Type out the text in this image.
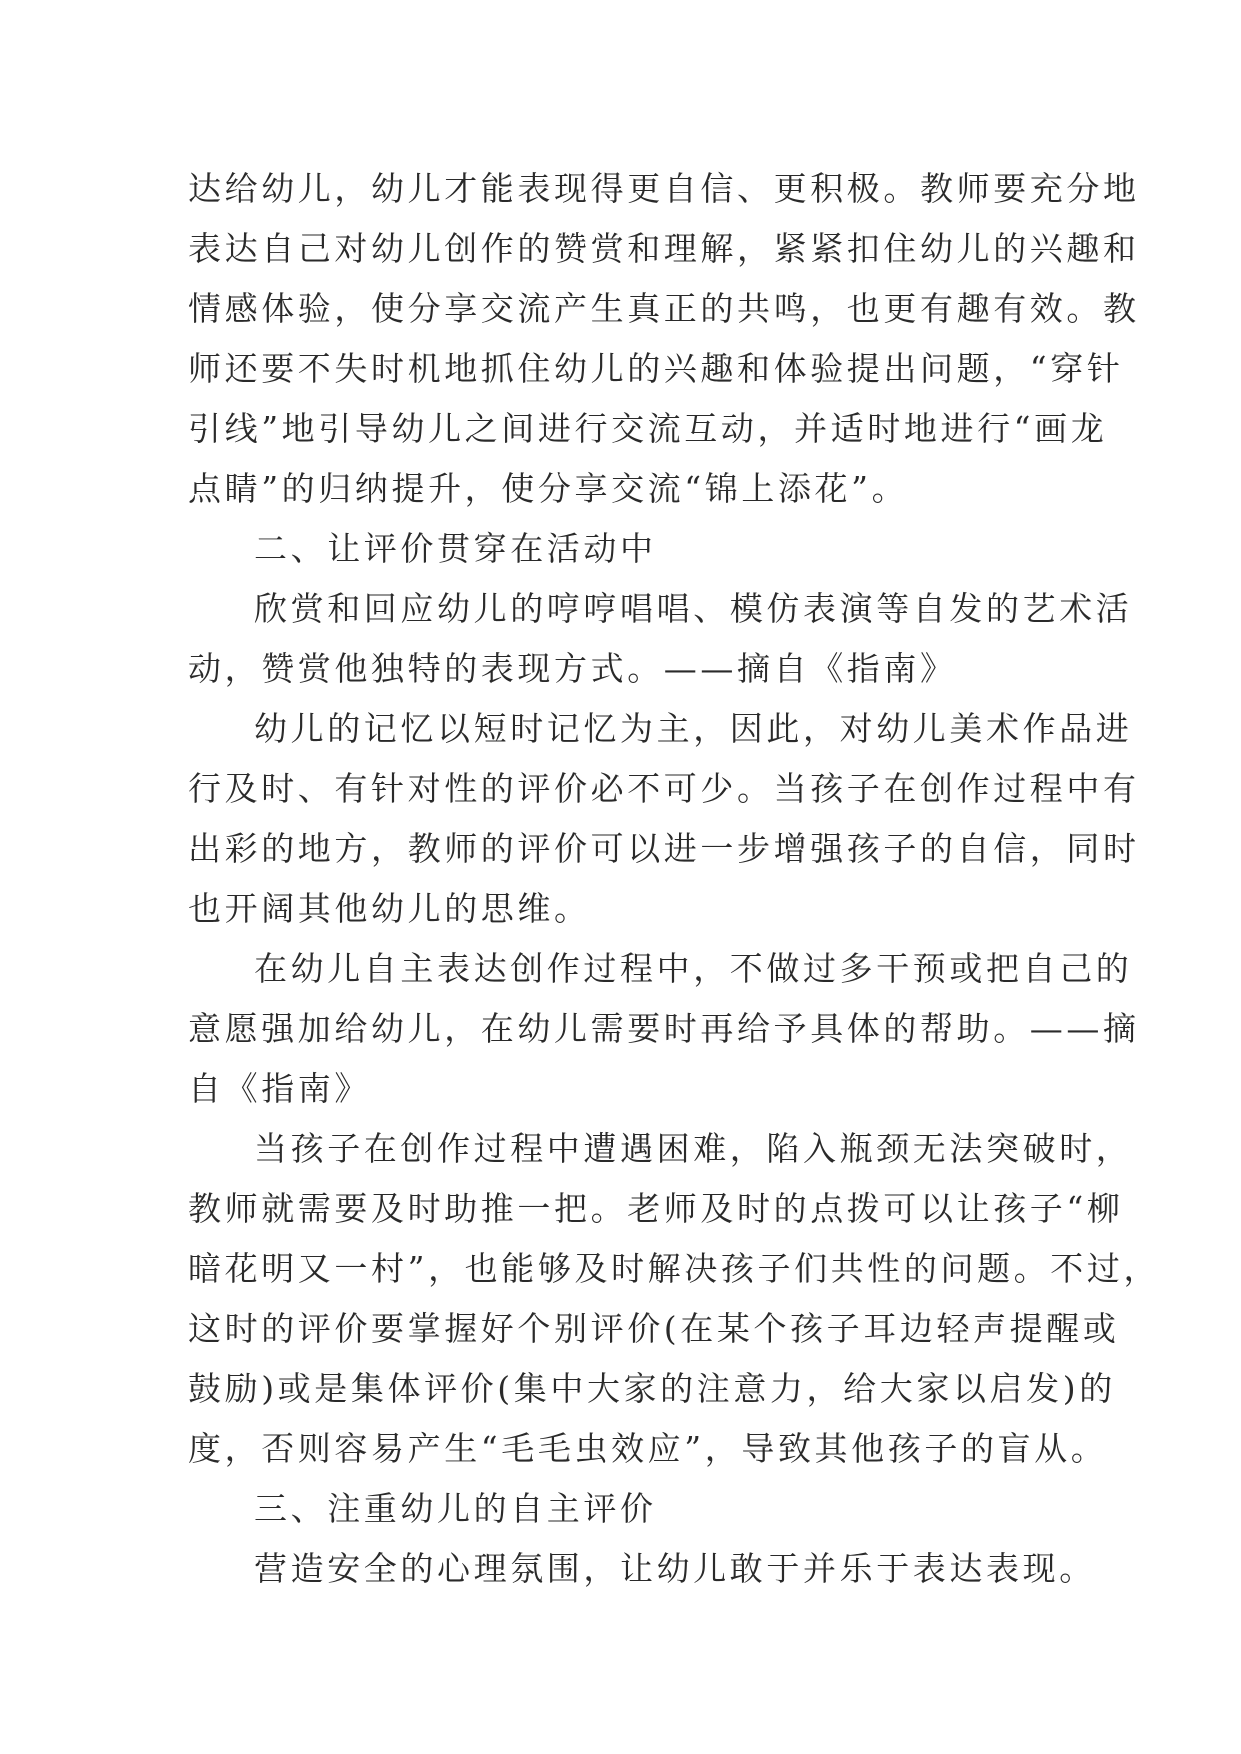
达给幼儿，幼儿才能表现得更自信、更积极。教师要充分地
表达自己对幼儿创作的赞赏和理解，紧紧扣住幼儿的兴趣和
情感体验，使分享交流产生真正的共鸣，也更有趣有效。教
师还要不失时机地抓住幼儿的兴趣和体验提出问题，“穿针
引线”地引导幼儿之间进行交流互动，并适时地进行“画龙
点睛”的归纳提升，使分享交流“锦上添花”。
二、让评价贯穿在活动中
欣赏和回应幼儿的哼哼唱唱、模仿表演等自发的艺术活
动，赞赏他独特的表现方式。——摘自《指南》
幼儿的记忆以短时记忆为主，因此，对幼儿美术作品进
行及时、有针对性的评价必不可少。当孩子在创作过程中有
出彩的地方，教师的评价可以进一步增强孩子的自信，同时
也开阔其他幼儿的思维。
在幼儿自主表达创作过程中，不做过多干预或把自己的
意愿强加给幼儿，在幼儿需要时再给予具体的帮助。——摘
自《指南》
当孩子在创作过程中遭遇困难，陷入瓶颈无法突破时，
教师就需要及时助推一把。老师及时的点拨可以让孩子“柳
暗花明又一村”，也能够及时解决孩子们共性的问题。不过，
这时的评价要掌握好个别评价(在某个孩子耳边轻声提醒或
鼓励)或是集体评价(集中大家的注意力，给大家以启发)的
度，否则容易产生“毛毛虫效应”，导致其他孩子的盲从。
三、注重幼儿的自主评价
营造安全的心理氛围，让幼儿敢于并乐于表达表现。
